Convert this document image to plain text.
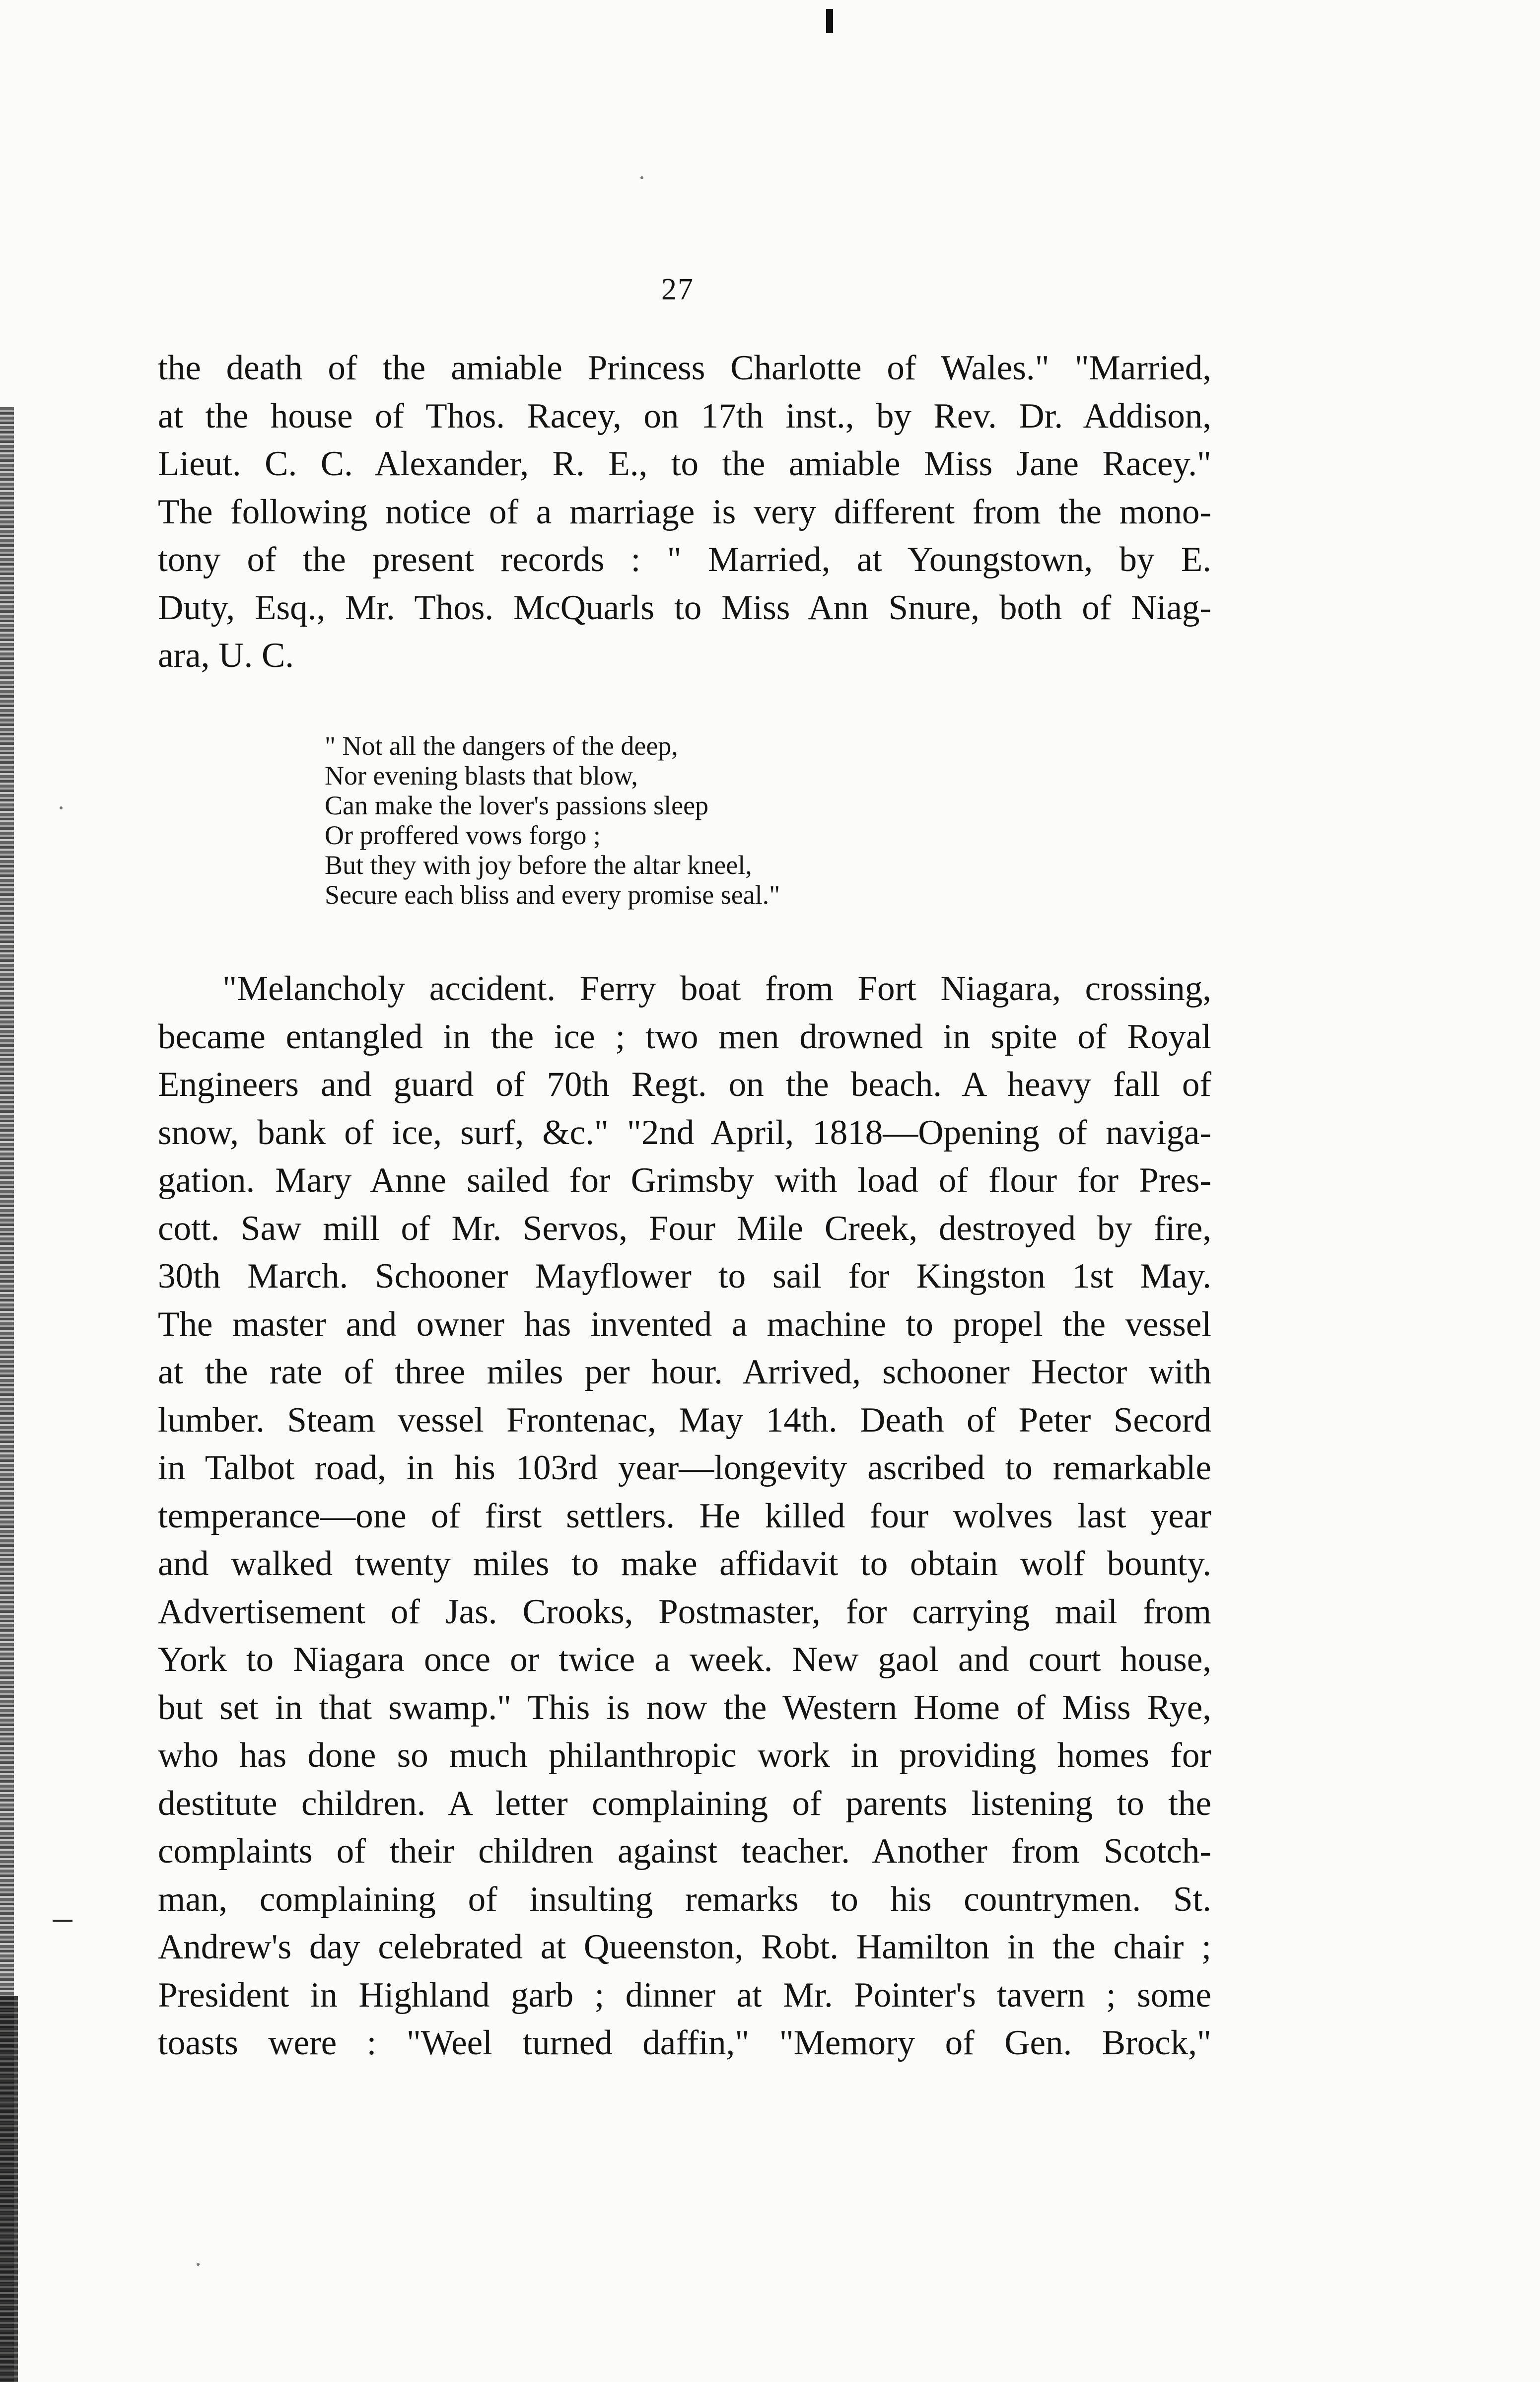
27
the death of the amiable Princess Charlotte of Wales." "Married,
at the house of Thos. Racey, on 17th inst., by Rev. Dr. Addison,
Lieut. C. C. Alexander, R. E., to the amiable Miss Jane Racey."
The following notice of a marriage is very different from the mono-
tony of the present records : " Married, at Youngstown, by E.
Duty, Esq., Mr. Thos. McQuarls to Miss Ann Snure, both of Niag-
ara, U. C.
" Not all the dangers of the deep,
Nor evening blasts that blow,
Can make the lover's passions sleep
Or proffered vows forgo ;
But they with joy before the altar kneel,
Secure each bliss and every promise seal."
"Melancholy accident. Ferry boat from Fort Niagara, crossing,
became entangled in the ice ; two men drowned in spite of Royal
Engineers and guard of 70th Regt. on the beach. A heavy fall of
snow, bank of ice, surf, &c." "2nd April, 1818—Opening of naviga-
gation. Mary Anne sailed for Grimsby with load of flour for Pres-
cott. Saw mill of Mr. Servos, Four Mile Creek, destroyed by fire,
30th March. Schooner Mayflower to sail for Kingston 1st May.
The master and owner has invented a machine to propel the vessel
at the rate of three miles per hour. Arrived, schooner Hector with
lumber. Steam vessel Frontenac, May 14th. Death of Peter Secord
in Talbot road, in his 103rd year—longevity ascribed to remarkable
temperance—one of first settlers. He killed four wolves last year
and walked twenty miles to make affidavit to obtain wolf bounty.
Advertisement of Jas. Crooks, Postmaster, for carrying mail from
York to Niagara once or twice a week. New gaol and court house,
but set in that swamp." This is now the Western Home of Miss Rye,
who has done so much philanthropic work in providing homes for
destitute children. A letter complaining of parents listening to the
complaints of their children against teacher. Another from Scotch-
man, complaining of insulting remarks to his countrymen. St.
Andrew's day celebrated at Queenston, Robt. Hamilton in the chair ;
President in Highland garb ; dinner at Mr. Pointer's tavern ; some
toasts were : "Weel turned daffin," "Memory of Gen. Brock,"
